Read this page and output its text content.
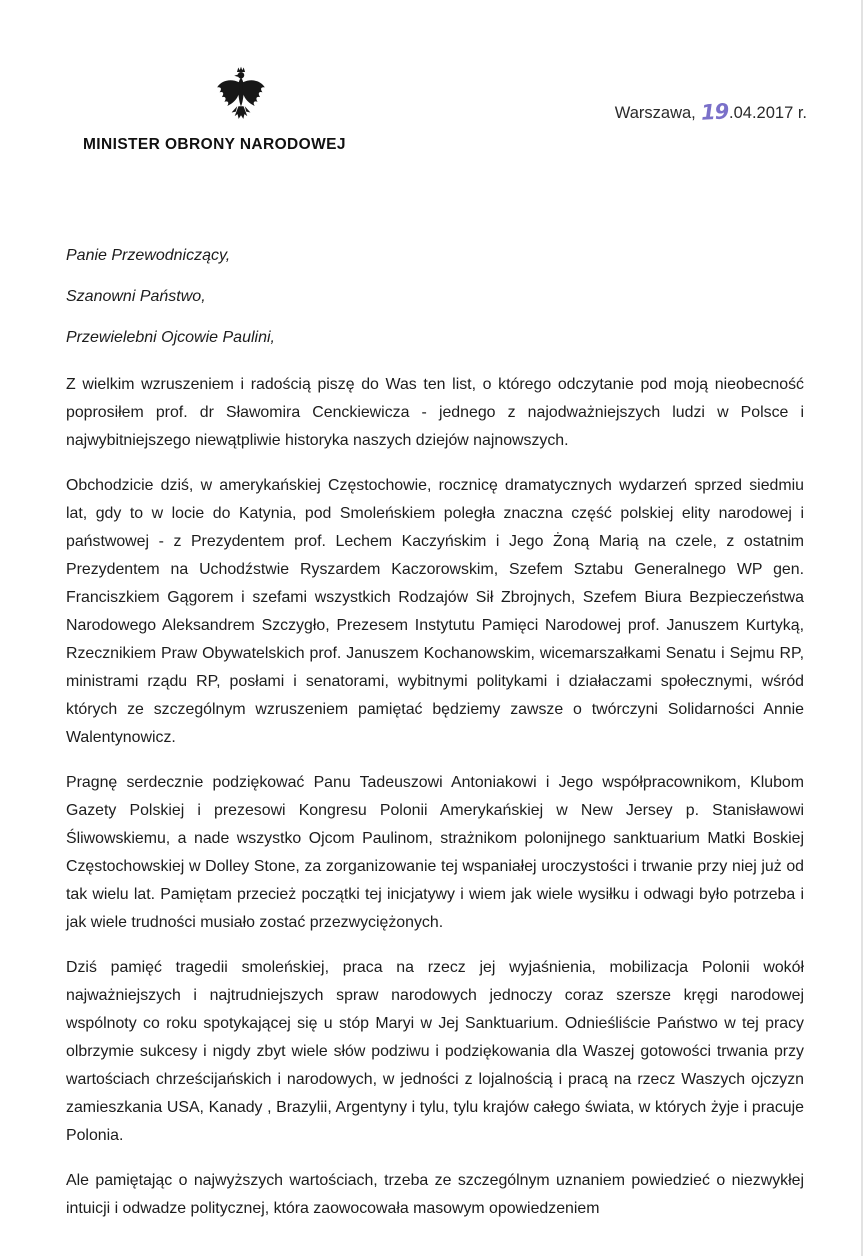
Warszawa, 19.04.2017 r.
MINISTER OBRONY NARODOWEJ
Panie Przewodniczący,
Szanowni Państwo,
Przewielebni Ojcowie Paulini,

Z wielkim wzruszeniem i radością piszę do Was ten list, o którego odczytanie pod moją nieobecność poprosiłem prof. dr Sławomira Cenckiewicza - jednego z najodważniejszych ludzi w Polsce i najwybitniejszego niewątpliwie historyka naszych dziejów najnowszych.

Obchodzicie dziś, w amerykańskiej Częstochowie, rocznicę dramatycznych wydarzeń sprzed siedmiu lat, gdy to w locie do Katynia, pod Smoleńskiem poległa znaczna część polskiej elity narodowej i państwowej - z Prezydentem prof. Lechem Kaczyńskim i Jego Żoną Marią na czele, z ostatnim Prezydentem na Uchodźstwie Ryszardem Kaczorowskim, Szefem Sztabu Generalnego WP gen. Franciszkiem Gągorem i szefami wszystkich Rodzajów Sił Zbrojnych, Szefem Biura Bezpieczeństwa Narodowego Aleksandrem Szczygło, Prezesem Instytutu Pamięci Narodowej prof. Januszem Kurtyką, Rzecznikiem Praw Obywatelskich prof. Januszem Kochanowskim, wicemarszałkami Senatu i Sejmu RP, ministrami rządu RP, posłami i senatorami, wybitnymi politykami i działaczami społecznymi, wśród których ze szczególnym wzruszeniem pamiętać będziemy zawsze o twórczyni Solidarności Annie Walentynowicz.

Pragnę serdecznie podziękować Panu Tadeuszowi Antoniakowi i Jego współpracownikom, Klubom Gazety Polskiej i prezesowi Kongresu Polonii Amerykańskiej w New Jersey p. Stanisławowi Śliwowskiemu, a nade wszystko Ojcom Paulinom, strażnikom polonijnego sanktuarium Matki Boskiej Częstochowskiej w Dolley Stone, za zorganizowanie tej wspaniałej uroczystości i trwanie przy niej już od tak wielu lat. Pamiętam przecież początki tej inicjatywy i wiem jak wiele wysiłku i odwagi było potrzeba i jak wiele trudności musiało zostać przezwyciężonych.

Dziś pamięć tragedii smoleńskiej, praca na rzecz jej wyjaśnienia, mobilizacja Polonii wokół najważniejszych i najtrudniejszych spraw narodowych jednoczy coraz szersze kręgi narodowej wspólnoty co roku spotykającej się u stóp Maryi w Jej Sanktuarium. Odnieśliście Państwo w tej pracy olbrzymie sukcesy i nigdy zbyt wiele słów podziwu i podziękowania dla Waszej gotowości trwania przy wartościach chrześcijańskich i narodowych, w jedności z lojalnością i pracą na rzecz Waszych ojczyzn zamieszkania USA, Kanady , Brazylii, Argentyny i tylu, tylu krajów całego świata, w których żyje i pracuje Polonia.

Ale pamiętając o najwyższych wartościach, trzeba ze szczególnym uznaniem powiedzieć o niezwykłej intuicji i odwadze politycznej, która zaowocowała masowym opowiedzeniem
